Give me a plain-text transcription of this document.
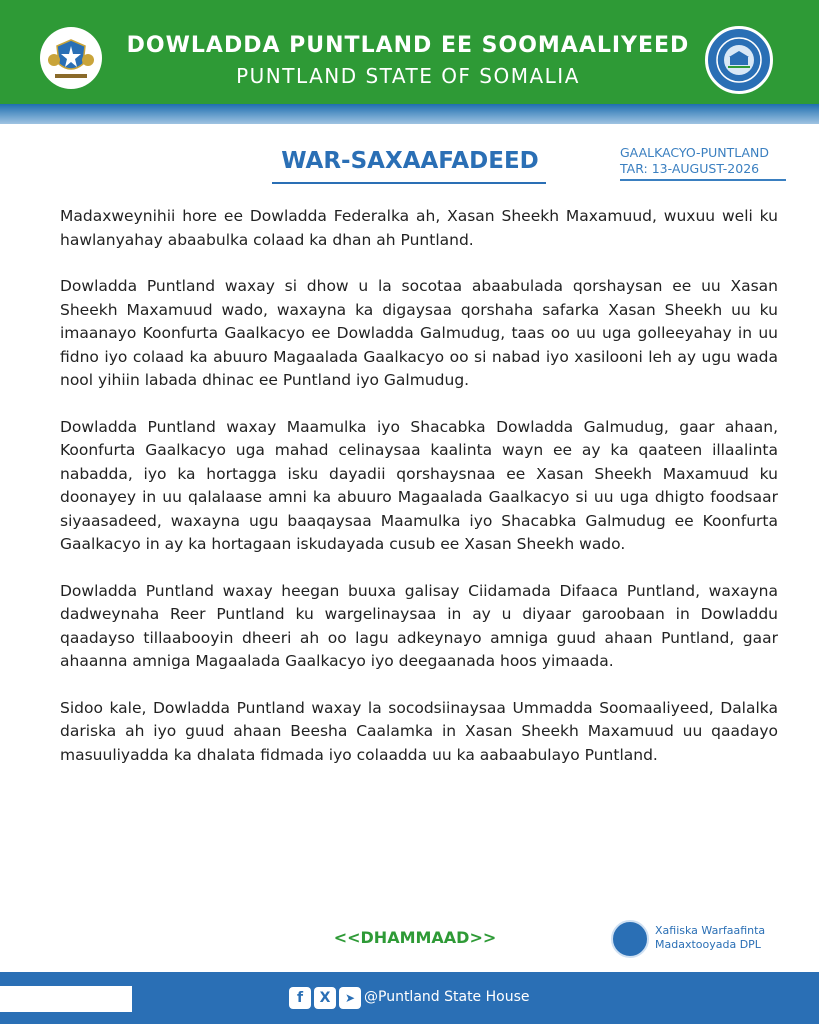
DOWLADDA PUNTLAND EE SOOMAALIYEED
PUNTLAND STATE OF SOMALIA
WAR-SAXAAFADEED	GAALKACYO-PUNTLAND
TAR: 13-AUGUST-2026

Madaxweynihii hore ee Dowladda Federalka ah, Xasan Sheekh Maxamuud, wuxuu weli ku hawlanyahay abaabulka colaad ka dhan ah Puntland.

Dowladda Puntland waxay si dhow u la socotaa abaabulada qorshaysan ee uu Xasan Sheekh Maxamuud wado, waxayna ka digaysaa qorshaha safarka Xasan Sheekh uu ku imaanayo Koonfurta Gaalkacyo ee Dowladda Galmudug, taas oo uu uga golleeyahay in uu fidno iyo colaad ka abuuro Magaalada Gaalkacyo oo si nabad iyo xasilooni leh ay ugu wada nool yihiin labada dhinac ee Puntland iyo Galmudug.

Dowladda Puntland waxay Maamulka iyo Shacabka Dowladda Galmudug, gaar ahaan, Koonfurta Gaalkacyo uga mahad celinaysaa kaalinta wayn ee ay ka qaateen illaalinta nabadda, iyo ka hortagga isku dayadii qorshaysnaa ee Xasan Sheekh Maxamuud ku doonayey in uu qalalaase amni ka abuuro Magaalada Gaalkacyo si uu uga dhigto foodsaar siyaasadeed, waxayna ugu baaqaysaa Maamulka iyo Shacabka Galmudug ee Koonfurta Gaalkacyo in ay ka hortagaan iskudayada cusub ee Xasan Sheekh wado.

Dowladda Puntland waxay heegan buuxa galisay Ciidamada Difaaca Puntland, waxayna dadweynaha Reer Puntland ku wargelinaysaa in ay u diyaar garoobaan in Dowladdu qaadayso tillaabooyin dheeri ah oo lagu adkeynayo amniga guud ahaan Puntland, gaar ahaanna amniga Magaalada Gaalkacyo iyo deegaanada hoos yimaada.

Sidoo kale, Dowladda Puntland waxay la socodsiinaysaa Ummadda Soomaaliyeed, Dalalka dariska ah iyo guud ahaan Beesha Caalamka in Xasan Sheekh Maxamuud uu qaadayo masuuliyadda ka dhalata fidmada iyo colaadda uu ka aabaabulayo Puntland.

<<DHAMMAAD>>	Xafiiska Warfaafinta
Madaxtooyada DPL
f	X	➤ @Puntland State House
